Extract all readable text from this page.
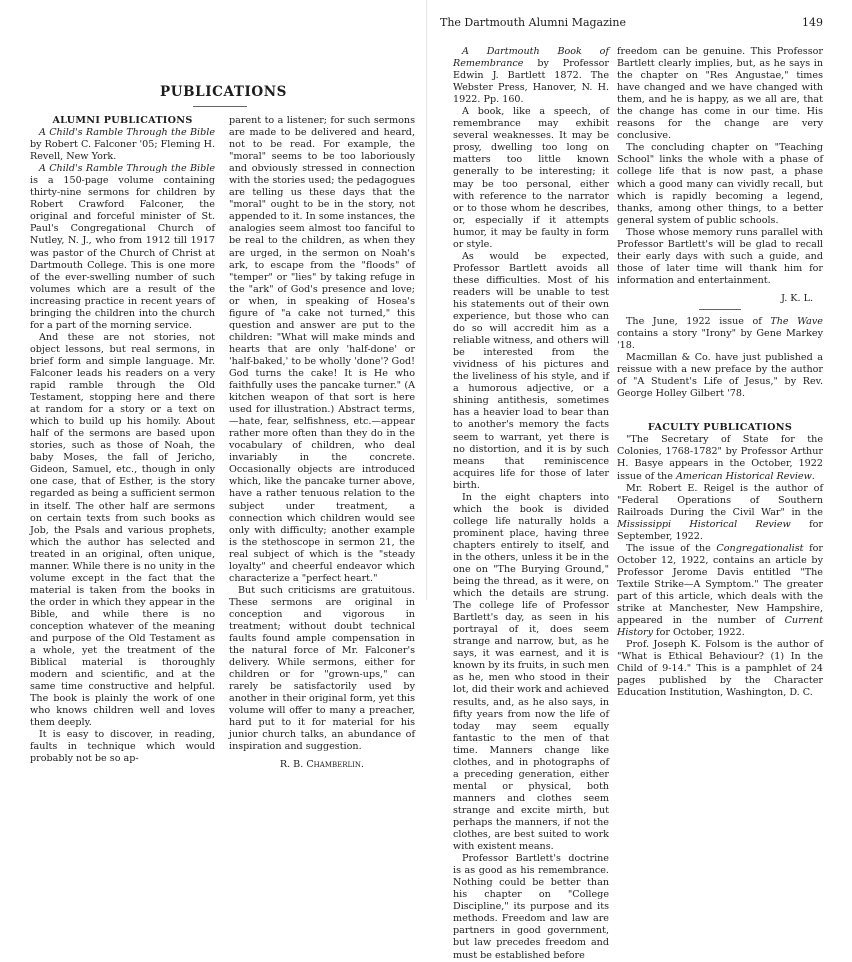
The Dartmouth Alumni Magazine	149
PUBLICATIONS

ALUMNI PUBLICATIONS

A Child's Ramble Through the Bible by Robert C. Falconer '05; Fleming H. Revell, New York.

A Child's Ramble Through the Bible is a 150-page volume containing thirty-nine sermons for children by Robert Crawford Falconer, the original and forceful minister of St. Paul's Congregational Church of Nutley, N. J., who from 1912 till 1917 was pastor of the Church of Christ at Dartmouth College. This is one more of the ever-swelling number of such volumes which are a result of the increasing practice in recent years of bringing the children into the church for a part of the morning service.

And these are not stories, not object lessons, but real sermons, in brief form and simple language. Mr. Falconer leads his readers on a very rapid ramble through the Old Testament, stopping here and there at random for a story or a text on which to build up his homily. About half of the sermons are based upon stories, such as those of Noah, the baby Moses, the fall of Jericho, Gideon, Samuel, etc., though in only one case, that of Esther, is the story regarded as being a sufficient sermon in itself. The other half are sermons on certain texts from such books as Job, the Psals and various prophets, which the author has selected and treated in an original, often unique, manner. While there is no unity in the volume except in the fact that the material is taken from the books in the order in which they appear in the Bible, and while there is no conception whatever of the meaning and purpose of the Old Testament as a whole, yet the treatment of the Biblical material is thoroughly modern and scientific, and at the same time constructive and helpful. The book is plainly the work of one who knows children well and loves them deeply.

It is easy to discover, in reading, faults in technique which would probably not be so ap-

parent to a listener; for such sermons are made to be delivered and heard, not to be read. For example, the "moral" seems to be too laboriously and obviously stressed in connection with the stories used; the pedagogues are telling us these days that the "moral" ought to be in the story, not appended to it. In some instances, the analogies seem almost too fanciful to be real to the children, as when they are urged, in the sermon on Noah's ark, to escape from the "floods" of "temper" or "lies" by taking refuge in the "ark" of God's presence and love; or when, in speaking of Hosea's figure of "a cake not turned," this question and answer are put to the children: "What will make minds and hearts that are only 'half-done' or 'half-baked,' to be wholly 'done'? God! God turns the cake! It is He who faithfully uses the pancake turner." (A kitchen weapon of that sort is here used for illustration.) Abstract terms, —hate, fear, selfishness, etc.—appear rather more often than they do in the vocabulary of children, who deal invariably in the concrete. Occasionally objects are introduced which, like the pancake turner above, have a rather tenuous relation to the subject under treatment, a connection which children would see only with difficulty; another example is the stethoscope in sermon 21, the real subject of which is the "steady loyalty" and cheerful endeavor which characterize a "perfect heart."

But such criticisms are gratuitous. These sermons are original in conception and vigorous in treatment; without doubt technical faults found ample compensation in the natural force of Mr. Falconer's delivery. While sermons, either for children or for "grown-ups," can rarely be satisfactorily used by another in their original form, yet this volume will offer to many a preacher, hard put to it for material for his junior church talks, an abundance of inspiration and suggestion.

R. B. Chamberlin.

A Dartmouth Book of Remembrance by Professor Edwin J. Bartlett 1872. The Webster Press, Hanover, N. H. 1922. Pp. 160.

A book, like a speech, of remembrance may exhibit several weaknesses. It may be prosy, dwelling too long on matters too little known generally to be interesting; it may be too personal, either with reference to the narrator or to those whom he describes, or, especially if it attempts humor, it may be faulty in form or style.

As would be expected, Professor Bartlett avoids all these difficulties. Most of his readers will be unable to test his statements out of their own experience, but those who can do so will accredit him as a reliable witness, and others will be interested from the vividness of his pictures and the liveliness of his style, and if a humorous adjective, or a shining antithesis, sometimes has a heavier load to bear than to another's memory the facts seem to warrant, yet there is no distortion, and it is by such means that reminiscence acquires life for those of later birth.

In the eight chapters into which the book is divided college life naturally holds a prominent place, having three chapters entirely to itself, and in the others, unless it be in the one on "The Burying Ground," being the thread, as it were, on which the details are strung. The college life of Professor Bartlett's day, as seen in his portrayal of it, does seem strange and narrow, but, as he says, it was earnest, and it is known by its fruits, in such men as he, men who stood in their lot, did their work and achieved results, and, as he also says, in fifty years from now the life of today may seem equally fantastic to the men of that time. Manners change like clothes, and in photographs of a preceding generation, either mental or physical, both manners and clothes seem strange and excite mirth, but perhaps the manners, if not the clothes, are best suited to work with existent means.

Professor Bartlett's doctrine is as good as his remembrance. Nothing could be better than his chapter on "College Discipline," its purpose and its methods. Freedom and law are partners in good government, but law precedes freedom and must be established before

freedom can be genuine. This Professor Bartlett clearly implies, but, as he says in the chapter on "Res Angustae," times have changed and we have changed with them, and he is happy, as we all are, that the change has come in our time. His reasons for the change are very conclusive.

The concluding chapter on "Teaching School" links the whole with a phase of college life that is now past, a phase which a good many can vividly recall, but which is rapidly becoming a legend, thanks, among other things, to a better general system of public schools.

Those whose memory runs parallel with Professor Bartlett's will be glad to recall their early days with such a guide, and those of later time will thank him for information and entertainment.

J. K. L.

The June, 1922 issue of The Wave contains a story "Irony" by Gene Markey '18.

Macmillan & Co. have just published a reissue with a new preface by the author of "A Student's Life of Jesus," by Rev. George Holley Gilbert '78.

FACULTY PUBLICATIONS

"The Secretary of State for the Colonies, 1768-1782" by Professor Arthur H. Basye appears in the October, 1922 issue of the American Historical Review.

Mr. Robert E. Reigel is the author of "Federal Operations of Southern Railroads During the Civil War" in the Mississippi Historical Review for September, 1922.

The issue of the Congregationalist for October 12, 1922, contains an article by Professor Jerome Davis entitled "The Textile Strike—A Symptom." The greater part of this article, which deals with the strike at Manchester, New Hampshire, appeared in the number of Current History for October, 1922.

Prof. Joseph K. Folsom is the author of "What is Ethical Behaviour? (1) In the Child of 9-14." This is a pamphlet of 24 pages published by the Character Education Institution, Washington, D. C.
